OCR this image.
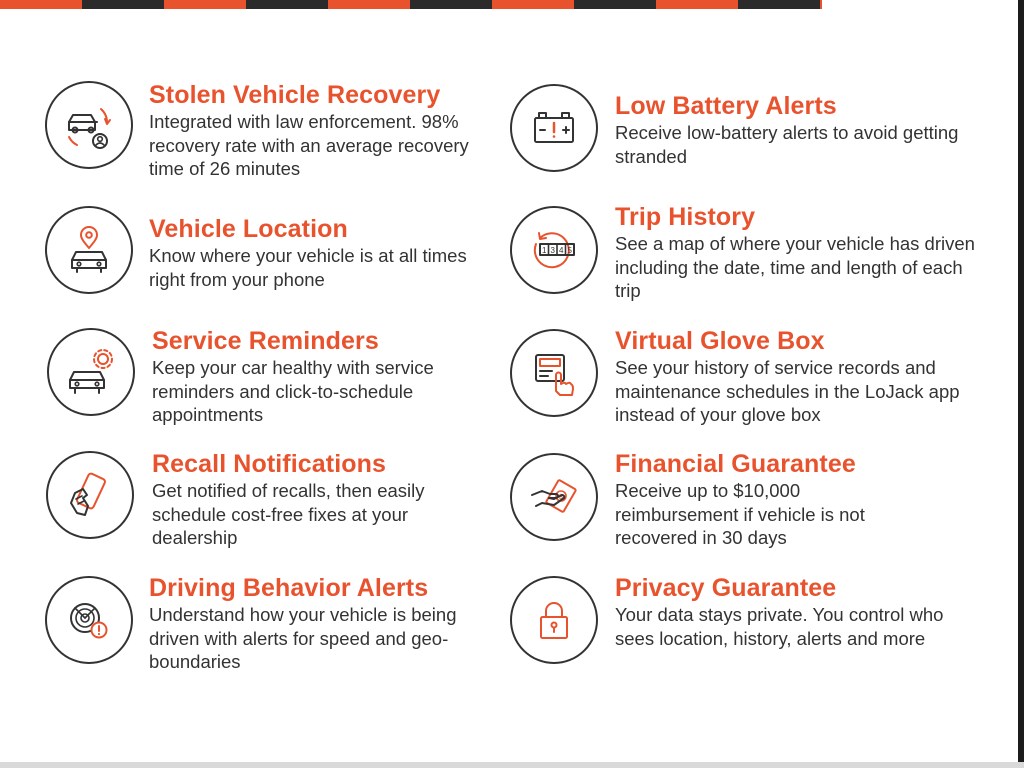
Stolen Vehicle Recovery
Integrated with law enforcement. 98% recovery rate with an average recovery time of 26 minutes
Low Battery Alerts
Receive low-battery alerts to avoid getting stranded
Vehicle Location
Know where your vehicle is at all times right from your phone
1 3 4 5
Trip History
See a map of where your vehicle has driven including the date, time and length of each trip
Service Reminders
Keep your car healthy with service reminders and click-to-schedule appointments
Virtual Glove Box
See your history of service records and maintenance schedules in the LoJack app instead of your glove box
Recall Notifications
Get notified of recalls, then easily schedule cost-free fixes at your dealership
$
Financial Guarantee
Receive up to $10,000 reimbursement if vehicle is not recovered in 30 days
Driving Behavior Alerts
Understand how your vehicle is being driven with alerts for speed and geo-boundaries
Privacy Guarantee
Your data stays private. You control who sees location, history, alerts and more
